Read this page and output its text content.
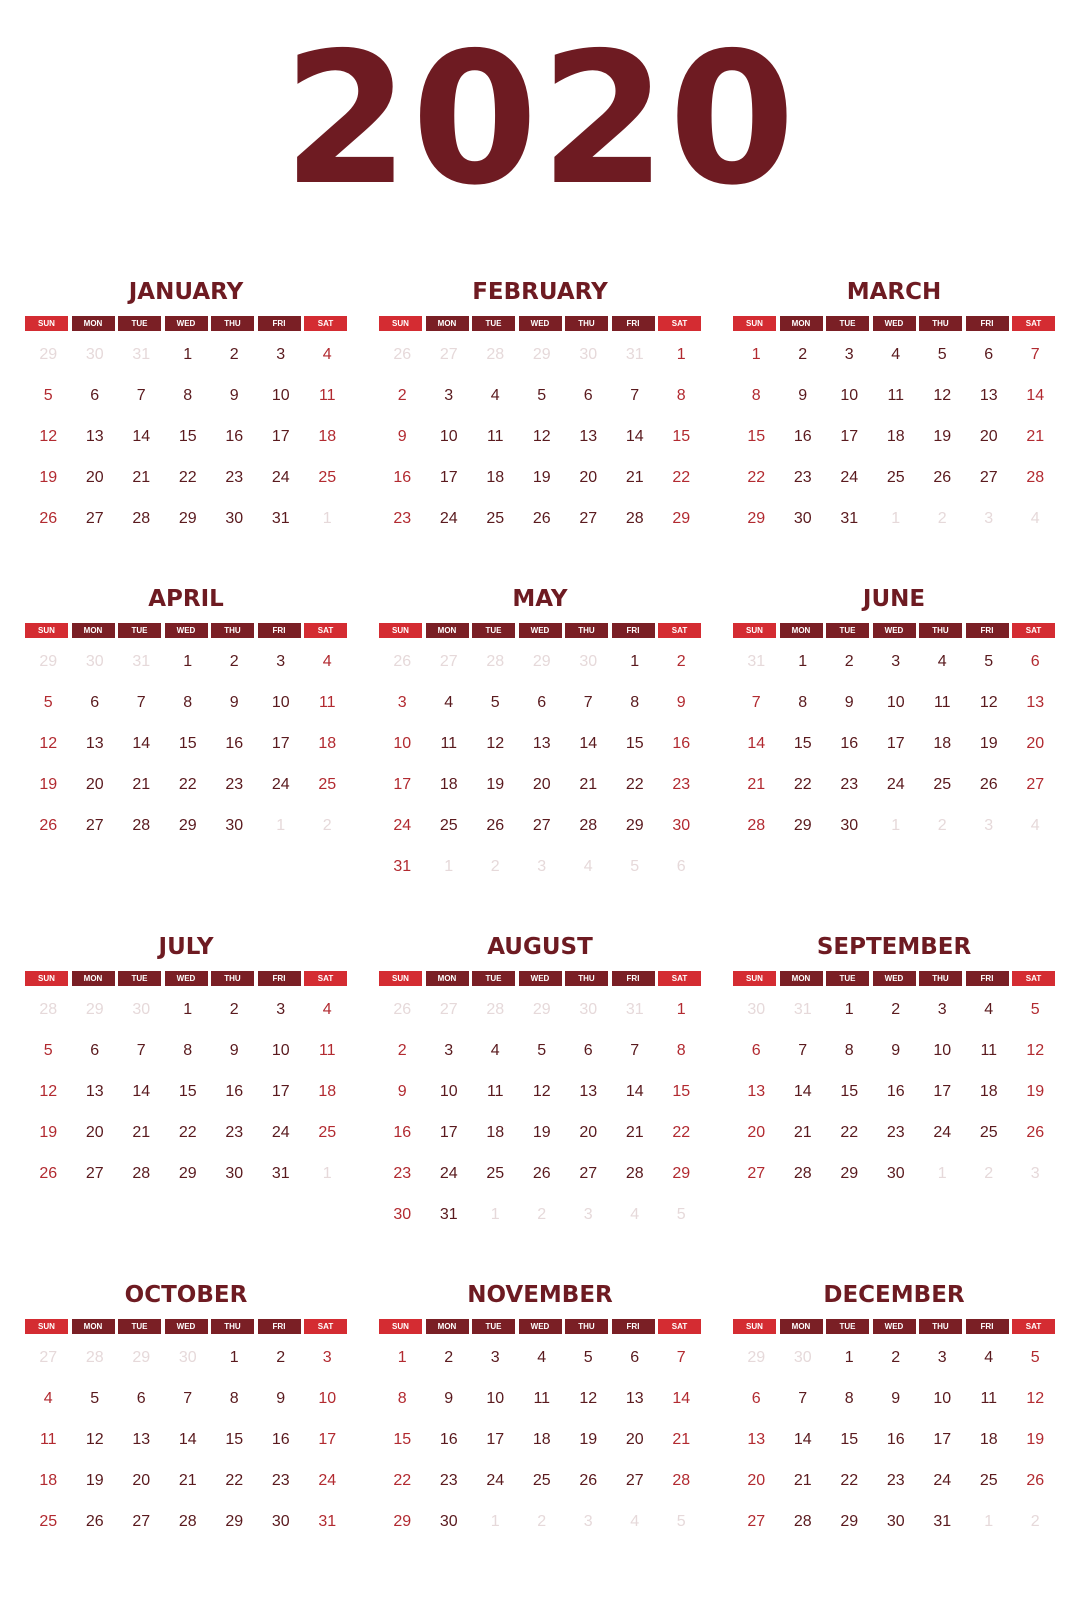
2020
JANUARY
SUN	MON	TUE	WED	THU	FRI	SAT
29	30	31	1	2	3	4
5	6	7	8	9	10	11
12	13	14	15	16	17	18
19	20	21	22	23	24	25
26	27	28	29	30	31	1
FEBRUARY
SUN	MON	TUE	WED	THU	FRI	SAT
26	27	28	29	30	31	1
2	3	4	5	6	7	8
9	10	11	12	13	14	15
16	17	18	19	20	21	22
23	24	25	26	27	28	29
MARCH
SUN	MON	TUE	WED	THU	FRI	SAT
1	2	3	4	5	6	7
8	9	10	11	12	13	14
15	16	17	18	19	20	21
22	23	24	25	26	27	28
29	30	31	1	2	3	4
APRIL
SUN	MON	TUE	WED	THU	FRI	SAT
29	30	31	1	2	3	4
5	6	7	8	9	10	11
12	13	14	15	16	17	18
19	20	21	22	23	24	25
26	27	28	29	30	1	2
MAY
SUN	MON	TUE	WED	THU	FRI	SAT
26	27	28	29	30	1	2
3	4	5	6	7	8	9
10	11	12	13	14	15	16
17	18	19	20	21	22	23
24	25	26	27	28	29	30
31	1	2	3	4	5	6
JUNE
SUN	MON	TUE	WED	THU	FRI	SAT
31	1	2	3	4	5	6
7	8	9	10	11	12	13
14	15	16	17	18	19	20
21	22	23	24	25	26	27
28	29	30	1	2	3	4
JULY
SUN	MON	TUE	WED	THU	FRI	SAT
28	29	30	1	2	3	4
5	6	7	8	9	10	11
12	13	14	15	16	17	18
19	20	21	22	23	24	25
26	27	28	29	30	31	1
AUGUST
SUN	MON	TUE	WED	THU	FRI	SAT
26	27	28	29	30	31	1
2	3	4	5	6	7	8
9	10	11	12	13	14	15
16	17	18	19	20	21	22
23	24	25	26	27	28	29
30	31	1	2	3	4	5
SEPTEMBER
SUN	MON	TUE	WED	THU	FRI	SAT
30	31	1	2	3	4	5
6	7	8	9	10	11	12
13	14	15	16	17	18	19
20	21	22	23	24	25	26
27	28	29	30	1	2	3
OCTOBER
SUN	MON	TUE	WED	THU	FRI	SAT
27	28	29	30	1	2	3
4	5	6	7	8	9	10
11	12	13	14	15	16	17
18	19	20	21	22	23	24
25	26	27	28	29	30	31
NOVEMBER
SUN	MON	TUE	WED	THU	FRI	SAT
1	2	3	4	5	6	7
8	9	10	11	12	13	14
15	16	17	18	19	20	21
22	23	24	25	26	27	28
29	30	1	2	3	4	5
DECEMBER
SUN	MON	TUE	WED	THU	FRI	SAT
29	30	1	2	3	4	5
6	7	8	9	10	11	12
13	14	15	16	17	18	19
20	21	22	23	24	25	26
27	28	29	30	31	1	2
